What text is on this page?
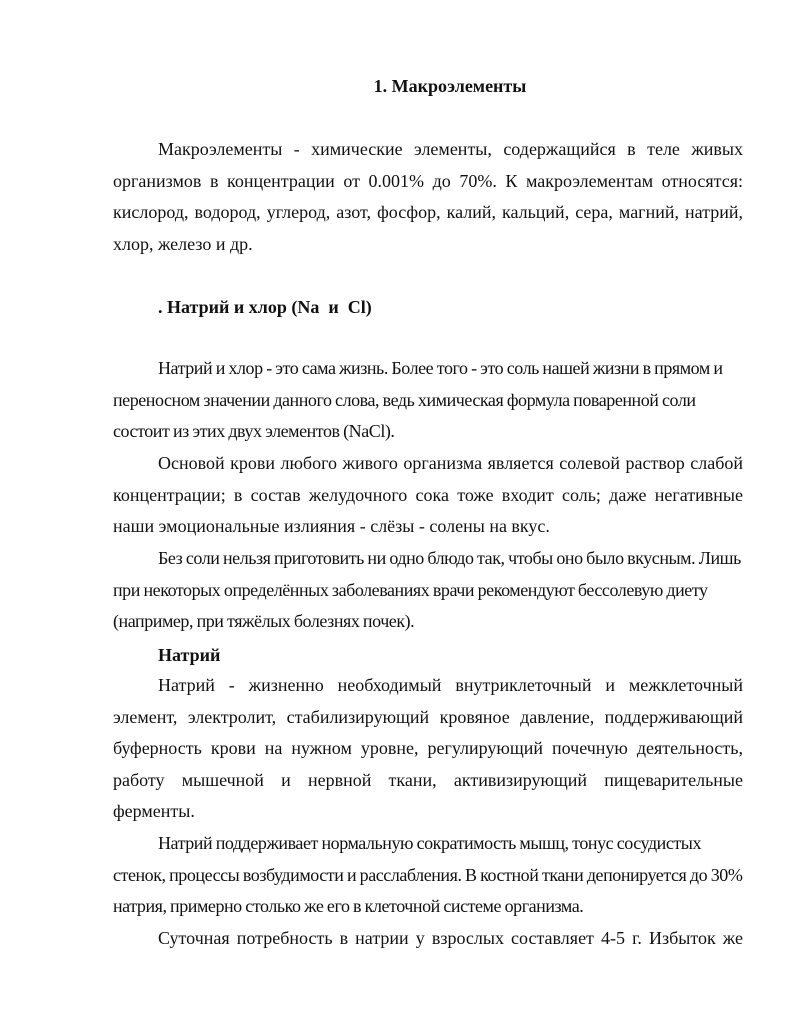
1. Макроэлементы

Макроэлементы - химические элементы, содержащийся в теле живых организмов в концентрации от 0.001% до 70%. К макроэлементам относятся: кислород, водород, углерод, азот, фосфор, калий, кальций, сера, магний, натрий, хлор, железо и др.

. Натрий и хлор (Na  и  Cl)

Натрий и хлор - это сама жизнь. Более того - это соль нашей жизни в прямом и переносном значении данного слова, ведь химическая формула поваренной соли состоит из этих двух элементов (NaCl).

Основой крови любого живого организма является солевой раствор слабой концентрации; в состав желудочного сока тоже входит соль; даже негативные наши эмоциональные излияния - слёзы - солены на вкус.

Без соли нельзя приготовить ни одно блюдо так, чтобы оно было вкусным. Лишь при некоторых определённых заболеваниях врачи рекомендуют бессолевую диету (например, при тяжёлых болезнях почек).

Натрий

Натрий - жизненно необходимый внутриклеточный и межклеточный элемент, электролит, стабилизирующий кровяное давление, поддерживающий буферность крови на нужном уровне, регулирующий почечную деятельность, работу мышечной и нервной ткани, активизирующий пищеварительные ферменты.

Натрий поддерживает нормальную сократимость мышц, тонус сосудистых стенок, процессы возбудимости и расслабления. В костной ткани депонируется до 30% натрия, примерно столько же его в клеточной системе организма.

Суточная потребность в натрии у взрослых составляет 4-5 г. Избыток же
